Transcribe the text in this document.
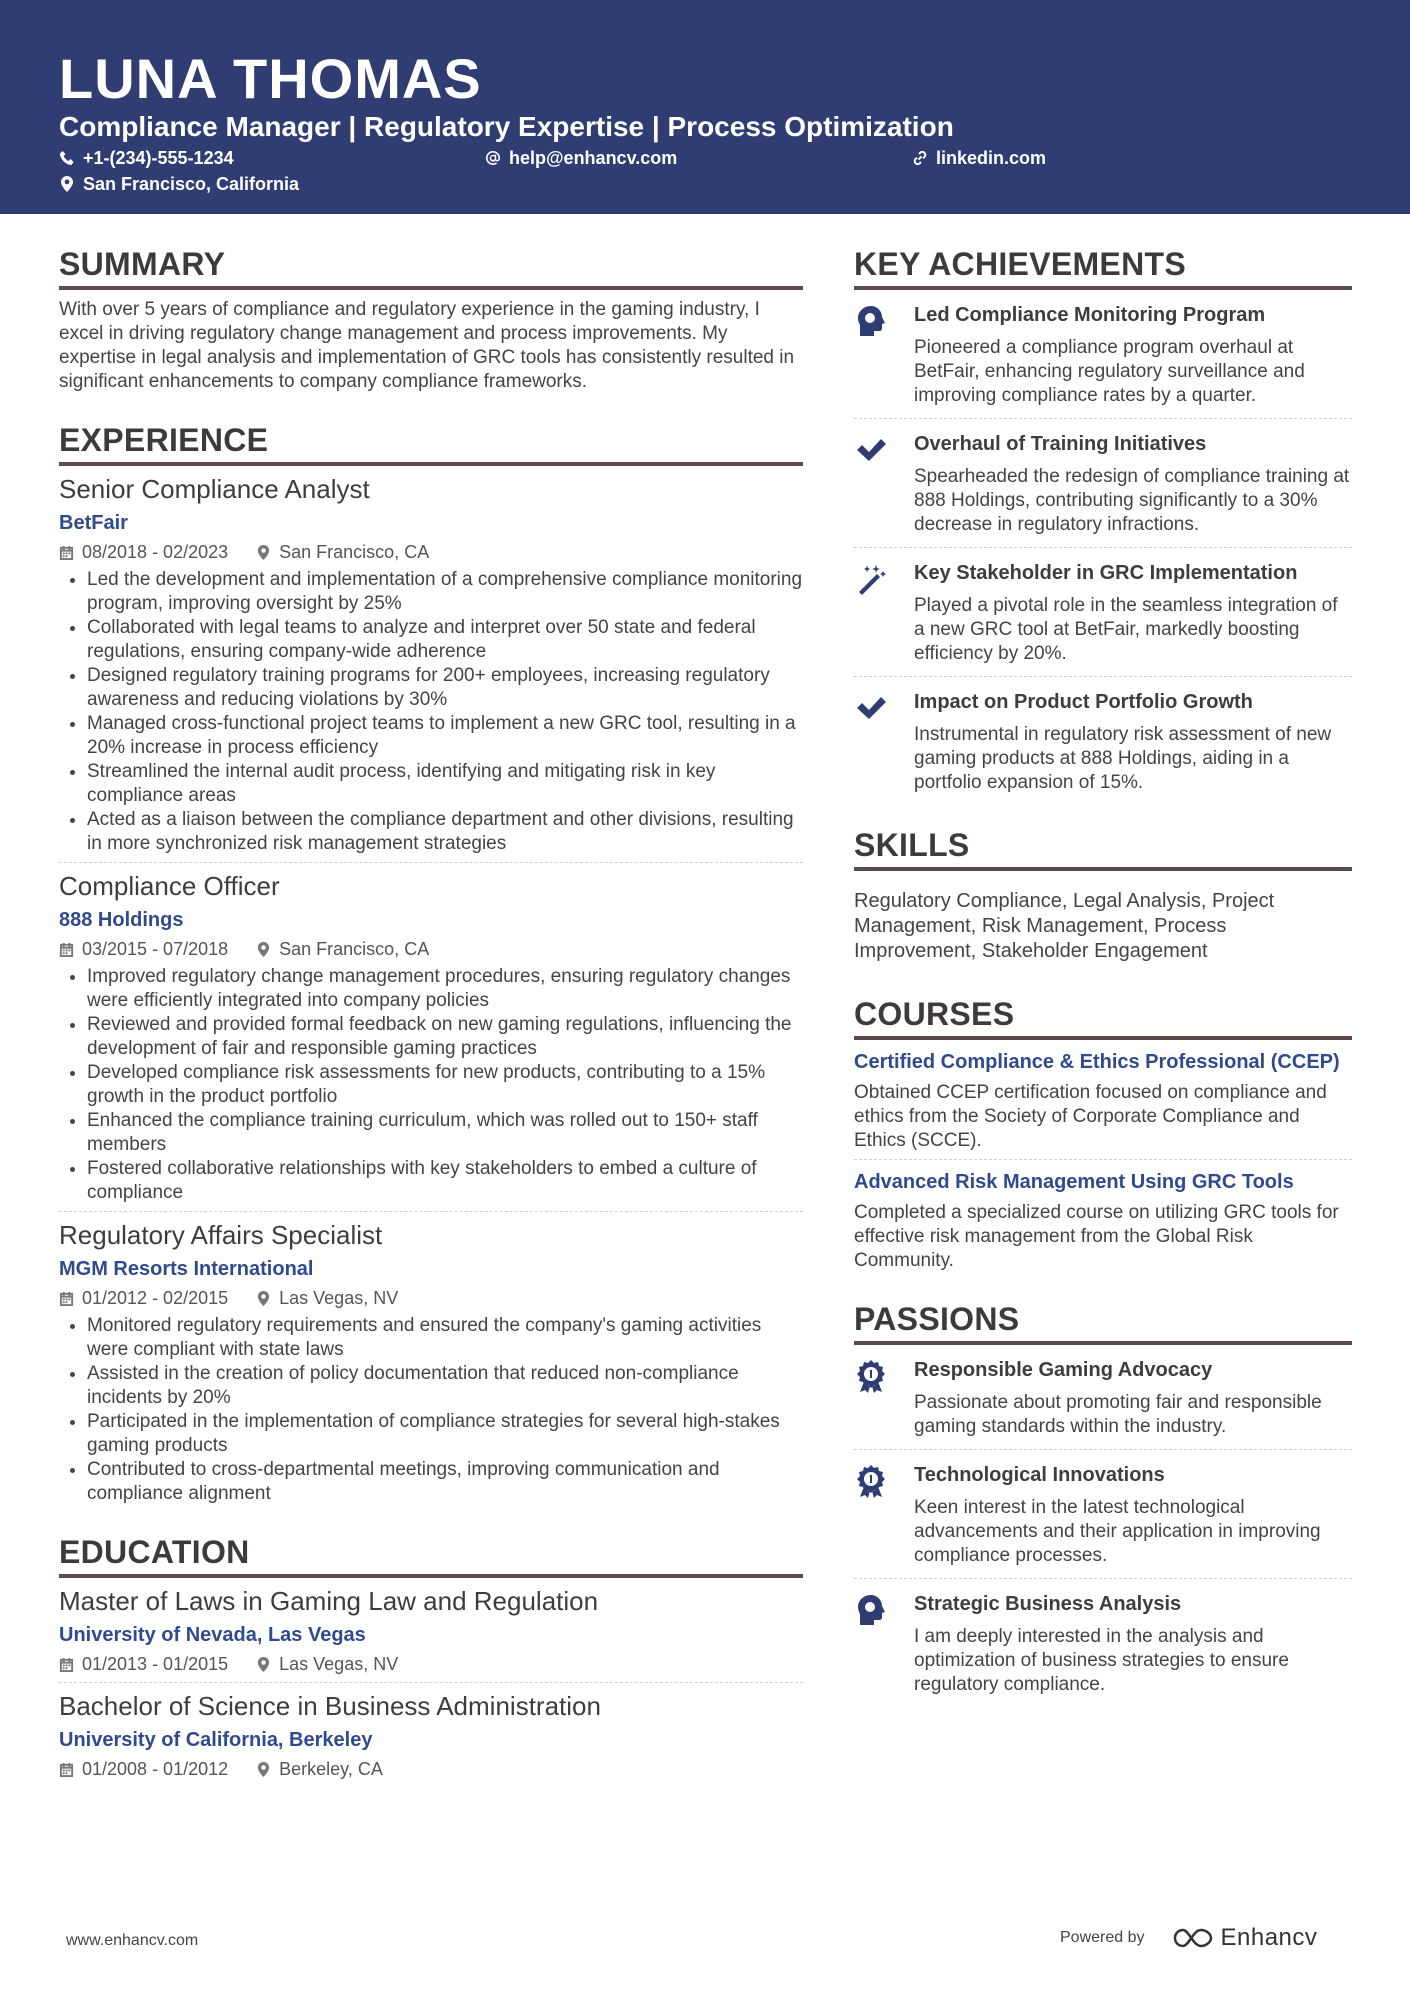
LUNA THOMAS
Compliance Manager | Regulatory Expertise | Process Optimization
+1-(234)-555-1234	help@enhancv.com	linkedin.com
San Francisco, California
SUMMARY
With over 5 years of compliance and regulatory experience in the gaming industry, I excel in driving regulatory change management and process improvements. My expertise in legal analysis and implementation of GRC tools has consistently resulted in significant enhancements to company compliance frameworks.
EXPERIENCE
Senior Compliance Analyst
BetFair
08/2018 - 02/2023	San Francisco, CA
• Led the development and implementation of a comprehensive compliance monitoring program, improving oversight by 25%
• Collaborated with legal teams to analyze and interpret over 50 state and federal regulations, ensuring company-wide adherence
• Designed regulatory training programs for 200+ employees, increasing regulatory awareness and reducing violations by 30%
• Managed cross-functional project teams to implement a new GRC tool, resulting in a 20% increase in process efficiency
• Streamlined the internal audit process, identifying and mitigating risk in key compliance areas
• Acted as a liaison between the compliance department and other divisions, resulting in more synchronized risk management strategies
Compliance Officer
888 Holdings
03/2015 - 07/2018	San Francisco, CA
• Improved regulatory change management procedures, ensuring regulatory changes were efficiently integrated into company policies
• Reviewed and provided formal feedback on new gaming regulations, influencing the development of fair and responsible gaming practices
• Developed compliance risk assessments for new products, contributing to a 15% growth in the product portfolio
• Enhanced the compliance training curriculum, which was rolled out to 150+ staff members
• Fostered collaborative relationships with key stakeholders to embed a culture of compliance
Regulatory Affairs Specialist
MGM Resorts International
01/2012 - 02/2015	Las Vegas, NV
• Monitored regulatory requirements and ensured the company's gaming activities were compliant with state laws
• Assisted in the creation of policy documentation that reduced non-compliance incidents by 20%
• Participated in the implementation of compliance strategies for several high-stakes gaming products
• Contributed to cross-departmental meetings, improving communication and compliance alignment
EDUCATION
Master of Laws in Gaming Law and Regulation
University of Nevada, Las Vegas
01/2013 - 01/2015	Las Vegas, NV
Bachelor of Science in Business Administration
University of California, Berkeley
01/2008 - 01/2012	Berkeley, CA
KEY ACHIEVEMENTS
Led Compliance Monitoring Program
Pioneered a compliance program overhaul at BetFair, enhancing regulatory surveillance and improving compliance rates by a quarter.
Overhaul of Training Initiatives
Spearheaded the redesign of compliance training at 888 Holdings, contributing significantly to a 30% decrease in regulatory infractions.
Key Stakeholder in GRC Implementation
Played a pivotal role in the seamless integration of a new GRC tool at BetFair, markedly boosting efficiency by 20%.
Impact on Product Portfolio Growth
Instrumental in regulatory risk assessment of new gaming products at 888 Holdings, aiding in a portfolio expansion of 15%.
SKILLS
Regulatory Compliance, Legal Analysis, Project Management, Risk Management, Process Improvement, Stakeholder Engagement
COURSES
Certified Compliance & Ethics Professional (CCEP)
Obtained CCEP certification focused on compliance and ethics from the Society of Corporate Compliance and Ethics (SCCE).
Advanced Risk Management Using GRC Tools
Completed a specialized course on utilizing GRC tools for effective risk management from the Global Risk Community.
PASSIONS
Responsible Gaming Advocacy
Passionate about promoting fair and responsible gaming standards within the industry.
Technological Innovations
Keen interest in the latest technological advancements and their application in improving compliance processes.
Strategic Business Analysis
I am deeply interested in the analysis and optimization of business strategies to ensure regulatory compliance.
www.enhancv.com	Powered by	Enhancv
